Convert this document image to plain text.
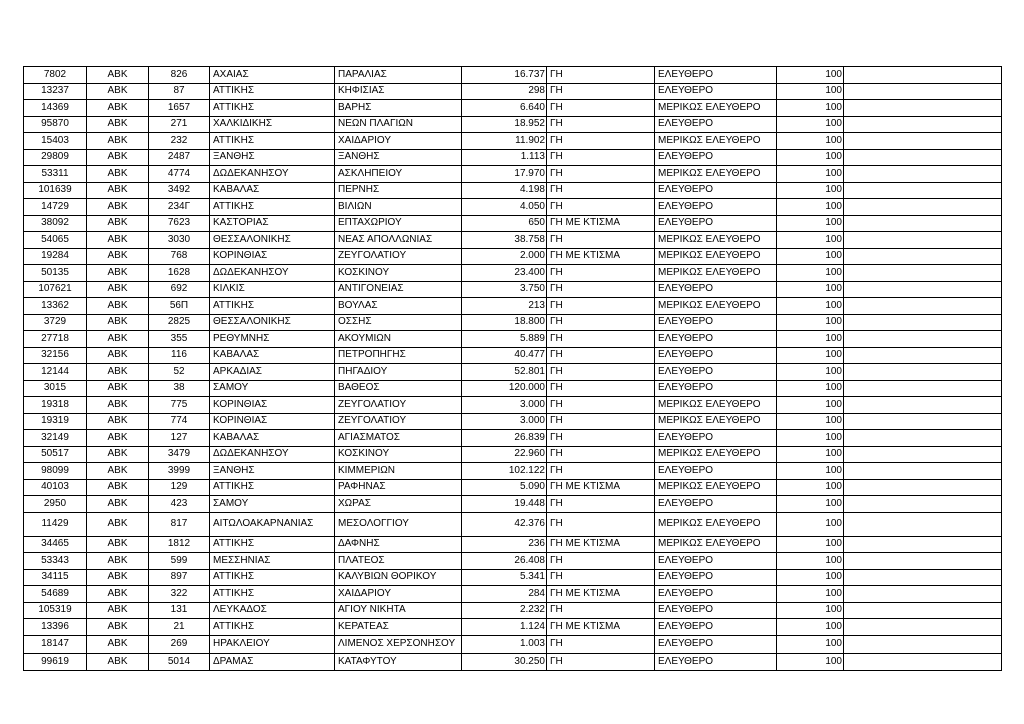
7802	ABK	826	ΑΧΑΙΑΣ	ΠΑΡΑΛΙΑΣ	16.737	ΓΗ	ΕΛΕΥΘΕΡΟ	100	
13237	ABK	87	ΑΤΤΙΚΗΣ	ΚΗΦΙΣΙΑΣ	298	ΓΗ	ΕΛΕΥΘΕΡΟ	100	
14369	ABK	1657	ΑΤΤΙΚΗΣ	ΒΑΡΗΣ	6.640	ΓΗ	ΜΕΡΙΚΩΣ ΕΛΕΥΘΕΡΟ	100	
95870	ABK	271	ΧΑΛΚΙΔΙΚΗΣ	ΝΕΩΝ ΠΛΑΓΙΩΝ	18.952	ΓΗ	ΕΛΕΥΘΕΡΟ	100	
15403	ABK	232	ΑΤΤΙΚΗΣ	ΧΑΙΔΑΡΙΟΥ	11.902	ΓΗ	ΜΕΡΙΚΩΣ ΕΛΕΥΘΕΡΟ	100	
29809	ABK	2487	ΞΑΝΘΗΣ	ΞΑΝΘΗΣ	1.113	ΓΗ	ΕΛΕΥΘΕΡΟ	100	
53311	ABK	4774	ΔΩΔΕΚΑΝΗΣΟΥ	ΑΣΚΛΗΠΕΙΟΥ	17.970	ΓΗ	ΜΕΡΙΚΩΣ ΕΛΕΥΘΕΡΟ	100	
101639	ABK	3492	ΚΑΒΑΛΑΣ	ΠΕΡΝΗΣ	4.198	ΓΗ	ΕΛΕΥΘΕΡΟ	100	
14729	ABK	234Γ	ΑΤΤΙΚΗΣ	ΒΙΛΙΩΝ	4.050	ΓΗ	ΕΛΕΥΘΕΡΟ	100	
38092	ABK	7623	ΚΑΣΤΟΡΙΑΣ	ΕΠΤΑΧΩΡΙΟΥ	650	ΓΗ ΜΕ ΚΤΙΣΜΑ	ΕΛΕΥΘΕΡΟ	100	
54065	ABK	3030	ΘΕΣΣΑΛΟΝΙΚΗΣ	ΝΕΑΣ ΑΠΟΛΛΩΝΙΑΣ	38.758	ΓΗ	ΜΕΡΙΚΩΣ ΕΛΕΥΘΕΡΟ	100	
19284	ABK	768	ΚΟΡΙΝΘΙΑΣ	ΖΕΥΓΟΛΑΤΙΟΥ	2.000	ΓΗ ΜΕ ΚΤΙΣΜΑ	ΜΕΡΙΚΩΣ ΕΛΕΥΘΕΡΟ	100	
50135	ABK	1628	ΔΩΔΕΚΑΝΗΣΟΥ	ΚΟΣΚΙΝΟΥ	23.400	ΓΗ	ΜΕΡΙΚΩΣ ΕΛΕΥΘΕΡΟ	100	
107621	ABK	692	ΚΙΛΚΙΣ	ΑΝΤΙΓΟΝΕΙΑΣ	3.750	ΓΗ	ΕΛΕΥΘΕΡΟ	100	
13362	ABK	56Π	ΑΤΤΙΚΗΣ	ΒΟΥΛΑΣ	213	ΓΗ	ΜΕΡΙΚΩΣ ΕΛΕΥΘΕΡΟ	100	
3729	ABK	2825	ΘΕΣΣΑΛΟΝΙΚΗΣ	ΟΣΣΗΣ	18.800	ΓΗ	ΕΛΕΥΘΕΡΟ	100	
27718	ABK	355	ΡΕΘΥΜΝΗΣ	ΑΚΟΥΜΙΩΝ	5.889	ΓΗ	ΕΛΕΥΘΕΡΟ	100	
32156	ABK	116	ΚΑΒΑΛΑΣ	ΠΕΤΡΟΠΗΓΗΣ	40.477	ΓΗ	ΕΛΕΥΘΕΡΟ	100	
12144	ABK	52	ΑΡΚΑΔΙΑΣ	ΠΗΓΑΔΙΟΥ	52.801	ΓΗ	ΕΛΕΥΘΕΡΟ	100	
3015	ABK	38	ΣΑΜΟΥ	ΒΑΘΕΟΣ	120.000	ΓΗ	ΕΛΕΥΘΕΡΟ	100	
19318	ABK	775	ΚΟΡΙΝΘΙΑΣ	ΖΕΥΓΟΛΑΤΙΟΥ	3.000	ΓΗ	ΜΕΡΙΚΩΣ ΕΛΕΥΘΕΡΟ	100	
19319	ABK	774	ΚΟΡΙΝΘΙΑΣ	ΖΕΥΓΟΛΑΤΙΟΥ	3.000	ΓΗ	ΜΕΡΙΚΩΣ ΕΛΕΥΘΕΡΟ	100	
32149	ABK	127	ΚΑΒΑΛΑΣ	ΑΓΙΑΣΜΑΤΟΣ	26.839	ΓΗ	ΕΛΕΥΘΕΡΟ	100	
50517	ABK	3479	ΔΩΔΕΚΑΝΗΣΟΥ	ΚΟΣΚΙΝΟΥ	22.960	ΓΗ	ΜΕΡΙΚΩΣ ΕΛΕΥΘΕΡΟ	100	
98099	ABK	3999	ΞΑΝΘΗΣ	ΚΙΜΜΕΡΙΩΝ	102.122	ΓΗ	ΕΛΕΥΘΕΡΟ	100	
40103	ABK	129	ΑΤΤΙΚΗΣ	ΡΑΦΗΝΑΣ	5.090	ΓΗ ΜΕ ΚΤΙΣΜΑ	ΜΕΡΙΚΩΣ ΕΛΕΥΘΕΡΟ	100	
2950	ABK	423	ΣΑΜΟΥ	ΧΩΡΑΣ	19.448	ΓΗ	ΕΛΕΥΘΕΡΟ	100	
11429	ABK	817	ΑΙΤΩΛΟΑΚΑΡΝΑΝΙΑΣ	ΜΕΣΟΛΟΓΓΙΟΥ	42.376	ΓΗ	ΜΕΡΙΚΩΣ ΕΛΕΥΘΕΡΟ	100	
34465	ABK	1812	ΑΤΤΙΚΗΣ	ΔΑΦΝΗΣ	236	ΓΗ ΜΕ ΚΤΙΣΜΑ	ΜΕΡΙΚΩΣ ΕΛΕΥΘΕΡΟ	100	
53343	ABK	599	ΜΕΣΣΗΝΙΑΣ	ΠΛΑΤΕΟΣ	26.408	ΓΗ	ΕΛΕΥΘΕΡΟ	100	
34115	ABK	897	ΑΤΤΙΚΗΣ	ΚΑΛΥΒΙΩΝ ΘΟΡΙΚΟΥ	5.341	ΓΗ	ΕΛΕΥΘΕΡΟ	100	
54689	ABK	322	ΑΤΤΙΚΗΣ	ΧΑΙΔΑΡΙΟΥ	284	ΓΗ ΜΕ ΚΤΙΣΜΑ	ΕΛΕΥΘΕΡΟ	100	
105319	ABK	131	ΛΕΥΚΑΔΟΣ	ΑΓΙΟΥ ΝΙΚΗΤΑ	2.232	ΓΗ	ΕΛΕΥΘΕΡΟ	100	
13396	ABK	21	ΑΤΤΙΚΗΣ	ΚΕΡΑΤΕΑΣ	1.124	ΓΗ ΜΕ ΚΤΙΣΜΑ	ΕΛΕΥΘΕΡΟ	100	
18147	ABK	269	ΗΡΑΚΛΕΙΟΥ	ΛΙΜΕΝΟΣ ΧΕΡΣΟΝΗΣΟΥ	1.003	ΓΗ	ΕΛΕΥΘΕΡΟ	100	
99619	ABK	5014	ΔΡΑΜΑΣ	ΚΑΤΑΦΥΤΟΥ	30.250	ΓΗ	ΕΛΕΥΘΕΡΟ	100	
